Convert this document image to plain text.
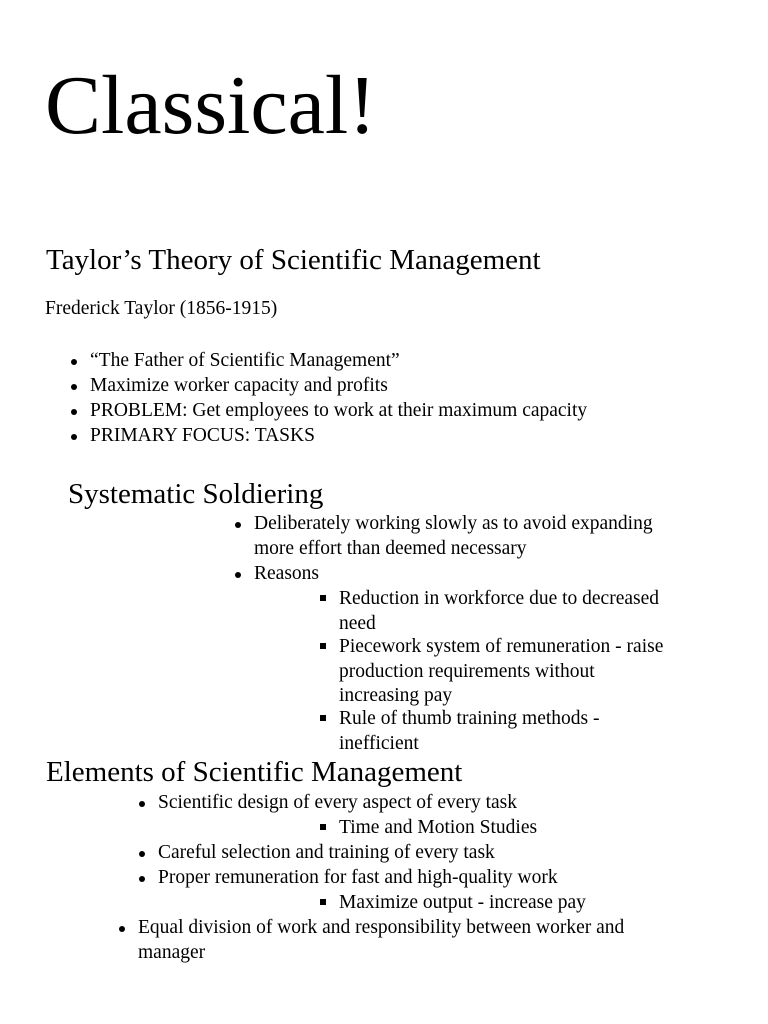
Classical!
Taylor’s Theory of Scientific Management
Frederick Taylor (1856-1915)
“The Father of Scientific Management”
Maximize worker capacity and profits
PROBLEM: Get employees to work at their maximum capacity
PRIMARY FOCUS: TASKS
Systematic Soldiering
Deliberately working slowly as to avoid expanding
more effort than deemed necessary
Reasons
Reduction in workforce due to decreased
need
Piecework system of remuneration - raise
production requirements without
increasing pay
Rule of thumb training methods -
inefficient
Elements of Scientific Management
Scientific design of every aspect of every task
Time and Motion Studies
Careful selection and training of every task
Proper remuneration for fast and high-quality work
Maximize output - increase pay
Equal division of work and responsibility between worker and
manager
